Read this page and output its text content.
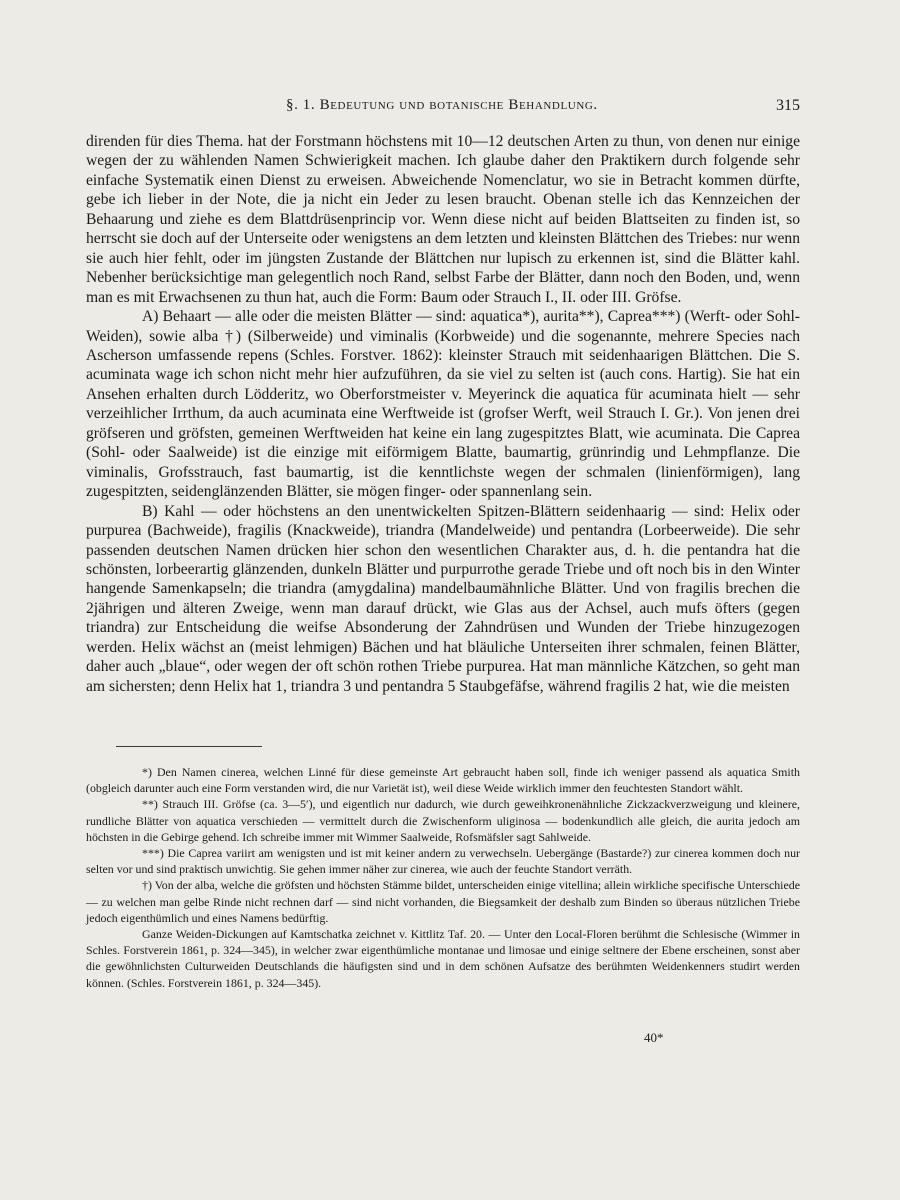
§. 1. Bedeutung und botanische Behandlung.	315

direnden für dies Thema. hat der Forstmann höchstens mit 10—12 deutschen Arten zu thun, von denen nur einige wegen der zu wählenden Namen Schwierigkeit machen. Ich glaube daher den Praktikern durch folgende sehr einfache Systematik einen Dienst zu erweisen. Abweichende Nomenclatur, wo sie in Betracht kommen dürfte, gebe ich lieber in der Note, die ja nicht ein Jeder zu lesen braucht. Obenan stelle ich das Kennzeichen der Behaarung und ziehe es dem Blattdrüsenprincip vor. Wenn diese nicht auf beiden Blattseiten zu finden ist, so herrscht sie doch auf der Unterseite oder wenigstens an dem letzten und kleinsten Blättchen des Triebes: nur wenn sie auch hier fehlt, oder im jüngsten Zustande der Blättchen nur lupisch zu erkennen ist, sind die Blätter kahl. Nebenher berücksichtige man gelegentlich noch Rand, selbst Farbe der Blätter, dann noch den Boden, und, wenn man es mit Erwachsenen zu thun hat, auch die Form: Baum oder Strauch I., II. oder III. Gröfse.

A) Behaart — alle oder die meisten Blätter — sind: aquatica*), aurita**), Caprea***) (Werft- oder Sohl-Weiden), sowie alba †) (Silberweide) und viminalis (Korbweide) und die sogenannte, mehrere Species nach Ascherson umfassende repens (Schles. Forstver. 1862): kleinster Strauch mit seidenhaarigen Blättchen. Die S. acuminata wage ich schon nicht mehr hier aufzuführen, da sie viel zu selten ist (auch cons. Hartig). Sie hat ein Ansehen erhalten durch Lödderitz, wo Oberforstmeister v. Meyerinck die aquatica für acuminata hielt — sehr verzeihlicher Irrthum, da auch acuminata eine Werftweide ist (grofser Werft, weil Strauch I. Gr.). Von jenen drei gröfseren und gröfsten, gemeinen Werftweiden hat keine ein lang zugespitztes Blatt, wie acuminata. Die Caprea (Sohl- oder Saalweide) ist die einzige mit eiförmigem Blatte, baumartig, grünrindig und Lehmpflanze. Die viminalis, Grofsstrauch, fast baumartig, ist die kenntlichste wegen der schmalen (linienförmigen), lang zugespitzten, seidenglänzenden Blätter, sie mögen finger- oder spannenlang sein.

B) Kahl — oder höchstens an den unentwickelten Spitzen-Blättern seidenhaarig — sind: Helix oder purpurea (Bachweide), fragilis (Knackweide), triandra (Mandelweide) und pentandra (Lorbeerweide). Die sehr passenden deutschen Namen drücken hier schon den wesentlichen Charakter aus, d. h. die pentandra hat die schönsten, lorbeerartig glänzenden, dunkeln Blätter und purpurrothe gerade Triebe und oft noch bis in den Winter hangende Samenkapseln; die triandra (amygdalina) mandelbaumähnliche Blätter. Und von fragilis brechen die 2jährigen und älteren Zweige, wenn man darauf drückt, wie Glas aus der Achsel, auch mufs öfters (gegen triandra) zur Entscheidung die weifse Absonderung der Zahndrüsen und Wunden der Triebe hinzugezogen werden. Helix wächst an (meist lehmigen) Bächen und hat bläuliche Unterseiten ihrer schmalen, feinen Blätter, daher auch „blaue“, oder wegen der oft schön rothen Triebe purpurea. Hat man männliche Kätzchen, so geht man am sichersten; denn Helix hat 1, triandra 3 und pentandra 5 Staubgefäfse, während fragilis 2 hat, wie die meisten

*) Den Namen cinerea, welchen Linné für diese gemeinste Art gebraucht haben soll, finde ich weniger passend als aquatica Smith (obgleich darunter auch eine Form verstanden wird, die nur Varietät ist), weil diese Weide wirklich immer den feuchtesten Standort wählt.

**) Strauch III. Gröfse (ca. 3—5′), und eigentlich nur dadurch, wie durch geweihkronenähnliche Zickzackverzweigung und kleinere, rundliche Blätter von aquatica verschieden — vermittelt durch die Zwischenform uliginosa — bodenkundlich alle gleich, die aurita jedoch am höchsten in die Gebirge gehend. Ich schreibe immer mit Wimmer Saalweide, Rofsmäfsler sagt Sahlweide.

***) Die Caprea variirt am wenigsten und ist mit keiner andern zu verwechseln. Uebergänge (Bastarde?) zur cinerea kommen doch nur selten vor und sind praktisch unwichtig. Sie gehen immer näher zur cinerea, wie auch der feuchte Standort verräth.

†) Von der alba, welche die gröfsten und höchsten Stämme bildet, unterscheiden einige vitellina; allein wirkliche specifische Unterschiede — zu welchen man gelbe Rinde nicht rechnen darf — sind nicht vorhanden, die Biegsamkeit der deshalb zum Binden so überaus nützlichen Triebe jedoch eigenthümlich und eines Namens bedürftig.

Ganze Weiden-Dickungen auf Kamtschatka zeichnet v. Kittlitz Taf. 20. — Unter den Local-Floren berühmt die Schlesische (Wimmer in Schles. Forstverein 1861, p. 324—345), in welcher zwar eigenthümliche montanae und limosae und einige seltnere der Ebene erscheinen, sonst aber die gewöhnlichsten Culturweiden Deutschlands die häufigsten sind und in dem schönen Aufsatze des berühmten Weidenkenners studirt werden können. (Schles. Forstverein 1861, p. 324—345).

40*
